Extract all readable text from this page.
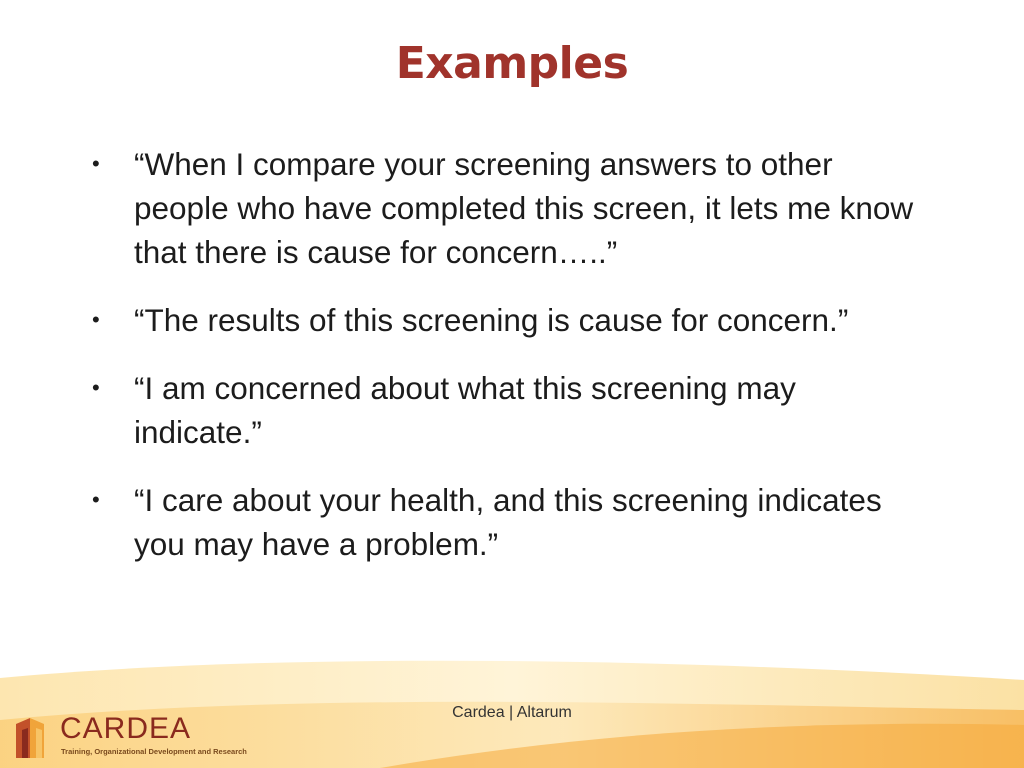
Examples
• “When I compare your screening answers to other people who have completed this screen, it lets me know that there is cause for concern…..”
• “The results of this screening is cause for concern.”
• “I am concerned about what this screening may indicate.”
• “I care about your health, and this screening indicates you may have a problem.”
Cardea | Altarum
CARDEA
Training, Organizational Development and Research
